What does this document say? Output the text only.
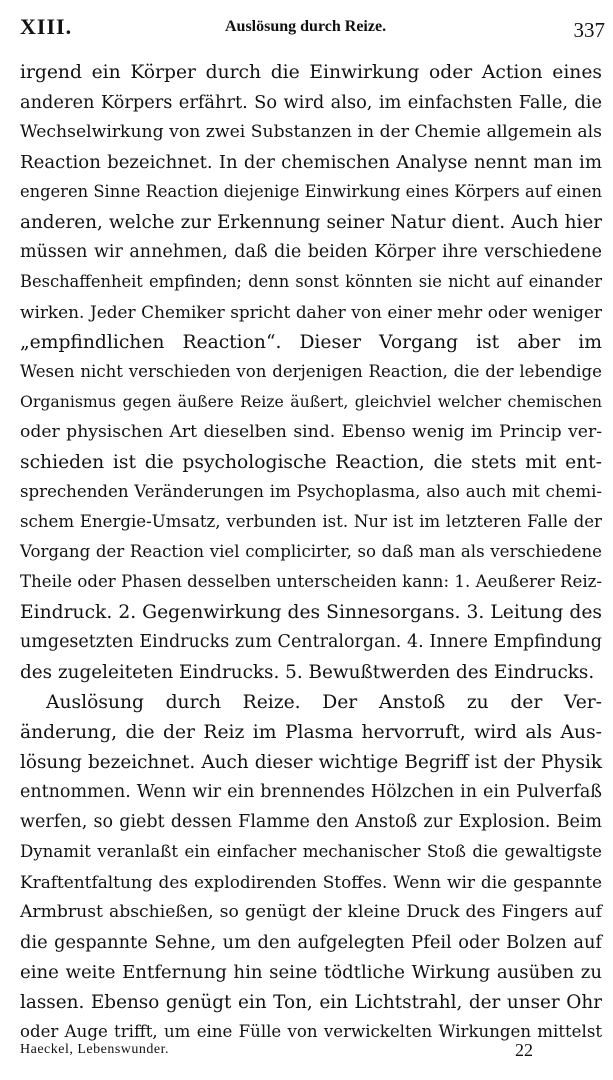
XIII.	Auslösung durch Reize.	337
irgend ein Körper durch die Einwirkung oder Action eines
anderen Körpers erfährt. So wird also, im einfachsten Falle, die
Wechselwirkung von zwei Substanzen in der Chemie allgemein als
Reaction bezeichnet. In der chemischen Analyse nennt man im
engeren Sinne Reaction diejenige Einwirkung eines Körpers auf einen
anderen, welche zur Erkennung seiner Natur dient. Auch hier
müssen wir annehmen, daß die beiden Körper ihre verschiedene
Beschaffenheit empfinden; denn sonst könnten sie nicht auf einander
wirken. Jeder Chemiker spricht daher von einer mehr oder weniger
„empfindlichen Reaction“. Dieser Vorgang ist aber im
Wesen nicht verschieden von derjenigen Reaction, die der lebendige
Organismus gegen äußere Reize äußert, gleichviel welcher chemischen
oder physischen Art dieselben sind. Ebenso wenig im Princip ver-
schieden ist die psychologische Reaction, die stets mit ent-
sprechenden Veränderungen im Psychoplasma, also auch mit chemi-
schem Energie-Umsatz, verbunden ist. Nur ist im letzteren Falle der
Vorgang der Reaction viel complicirter, so daß man als verschiedene
Theile oder Phasen desselben unterscheiden kann: 1. Aeußerer Reiz-
Eindruck. 2. Gegenwirkung des Sinnesorgans. 3. Leitung des
umgesetzten Eindrucks zum Centralorgan. 4. Innere Empfindung
des zugeleiteten Eindrucks. 5. Bewußtwerden des Eindrucks.
Auslösung durch Reize. Der Anstoß zu der Ver-
änderung, die der Reiz im Plasma hervorruft, wird als Aus-
lösung bezeichnet. Auch dieser wichtige Begriff ist der Physik
entnommen. Wenn wir ein brennendes Hölzchen in ein Pulverfaß
werfen, so giebt dessen Flamme den Anstoß zur Explosion. Beim
Dynamit veranlaßt ein einfacher mechanischer Stoß die gewaltigste
Kraftentfaltung des explodirenden Stoffes. Wenn wir die gespannte
Armbrust abschießen, so genügt der kleine Druck des Fingers auf
die gespannte Sehne, um den aufgelegten Pfeil oder Bolzen auf
eine weite Entfernung hin seine tödtliche Wirkung ausüben zu
lassen. Ebenso genügt ein Ton, ein Lichtstrahl, der unser Ohr
oder Auge trifft, um eine Fülle von verwickelten Wirkungen mittelst
Haeckel, Lebenswunder.	22
